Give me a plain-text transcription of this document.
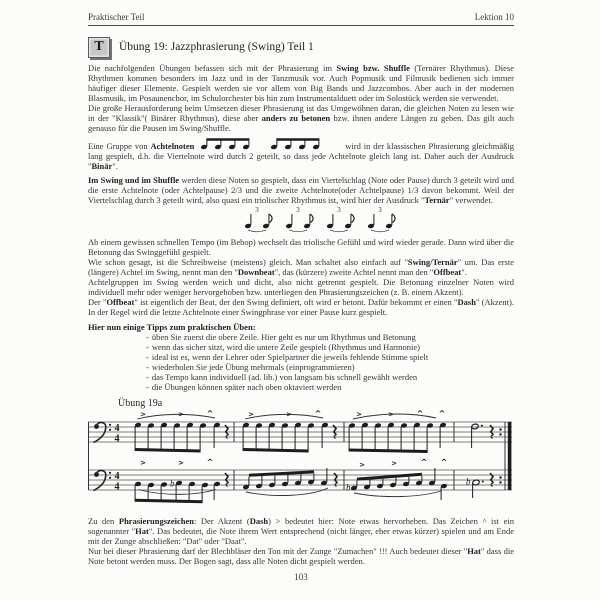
Praktischer Teil	Lektion 10
T	Übung 19: Jazzphrasierung (Swing) Teil 1

Die nachfolgenden Übungen befassen sich mit der Phrasierung im Swing bzw. Shuffle (Ternärer Rhythmus). Diese Rhythmen kommen besonders im Jazz und in der Tanzmusik vor. Auch Popmusik und Filmusik bedienen sich immer häufiger dieser Elemente. Gespielt werden sie vor allem von Big Bands und Jazzcombos. Aber auch in der modernen Blasmusik, im Posaunenchor, im Schulorchester bis hin zum Instrumentalduett oder im Solostück werden sie verwendet.

Die große Herausforderung beim Umsetzen dieser Phrasierung ist das Umgewöhnen daran, die gleichen Noten zu lesen wie in der "Klassik"( Binärer Rhythmus), diese aber anders zu betonen bzw. ihnen andere Längen zu geben. Das gilt auch genauso für die Pausen im Swing/Shuffle.

Eine Gruppe von Achtelnoten	wird in der klassischen Phrasierung gleichmäßig lang gespielt, d.h. die Viertelnote wird durch 2 geteilt, so dass jede Achtelnote gleich lang ist. Daher auch der Ausdruck "Binär".

Im Swing und im Shuffle werden diese Noten so gespielt, dass ein Viertelschlag (Note oder Pause) durch 3 geteilt wird und die erste Achtelnote (oder Achtelpause) 2/3 und die zweite Achtelnote(oder Achtelpause) 1/3 davon bekommt. Weil der Viertelschlag durch 3 geteilt wird, also quasi ein triolischer Rhythmus ist, wird hier der Ausdruck "Ternär" verwendet.

3	3	3	3

Ab einem gewissen schnellen Tempo (im Bebop) wechselt das triolische Gefühl und wird wieder gerade. Dann wird über die Betonung das Swinggefühl gespielt.

Wie schon gesagt, ist die Schreibweise (meistens) gleich. Man schaltet also einfach auf "Swing/Ternär" um. Das erste (längere) Achtel im Swing, nennt man den "Downbeat", das (kürzere) zweite Achtel nennt man den "Offbeat".

Achtelgruppen im Swing werden weich und dicht, also nicht getrennt gespielt. Die Betonung einzelner Noten wird individuell mehr oder weniger hervorgehoben bzw. unterliegen den Phrasierungszeichen (z. B. einem Akzent).

Der "Offbeat" ist eigentlich der Beat, der den Swing definiert, oft wird er betont. Dafür bekommt er einen "Dash" (Akzent). In der Regel wird die letzte Achtelnote einer Swingphrase vor einer Pause kurz gespielt.

Hier nun einige Tipps zum praktischen Üben:
- üben Sie zuerst die obere Zeile. Hier geht es nur um Rhythmus und Betonung
- wenn das sicher sitzt, wird die untere Zeile gespielt (Rhythmus und Harmonie)
- ideal ist es, wenn der Lehrer oder Spielpartner die jeweils fehlende Stimme spielt
- wiederholen Sie jede Übung mehrmals (einprogrammieren)
- das Tempo kann individuell (ad. lib.) von langsam bis schnell gewählt werden
- die Übungen können später nach oben oktaviert werden
Übung 19a
4
4
4
4
>	>	^	>	>	^ ^
b
>	>	^
b
>	>	^ ^
b

Zu den Phrasierungszeichen: Der Akzent (Dash) > bedeutet hier: Note etwas hervorheben. Das Zeichen ^ ist ein sogenannter "Hat". Das bedeutet, die Note ihrem Wert entsprechend (nicht länger, eher etwas kürzer) spielen und am Ende mit der Zunge abschließen: "Dat" oder "Daat".

Nur bei dieser Phrasierung darf der Blechbläser den Ton mit der Zunge "Zumachen" !!! Auch bedeutet dieser "Hat" dass die Note betont werden muss. Der Bogen sagt, dass alle Noten dicht gespielt werden.

103
